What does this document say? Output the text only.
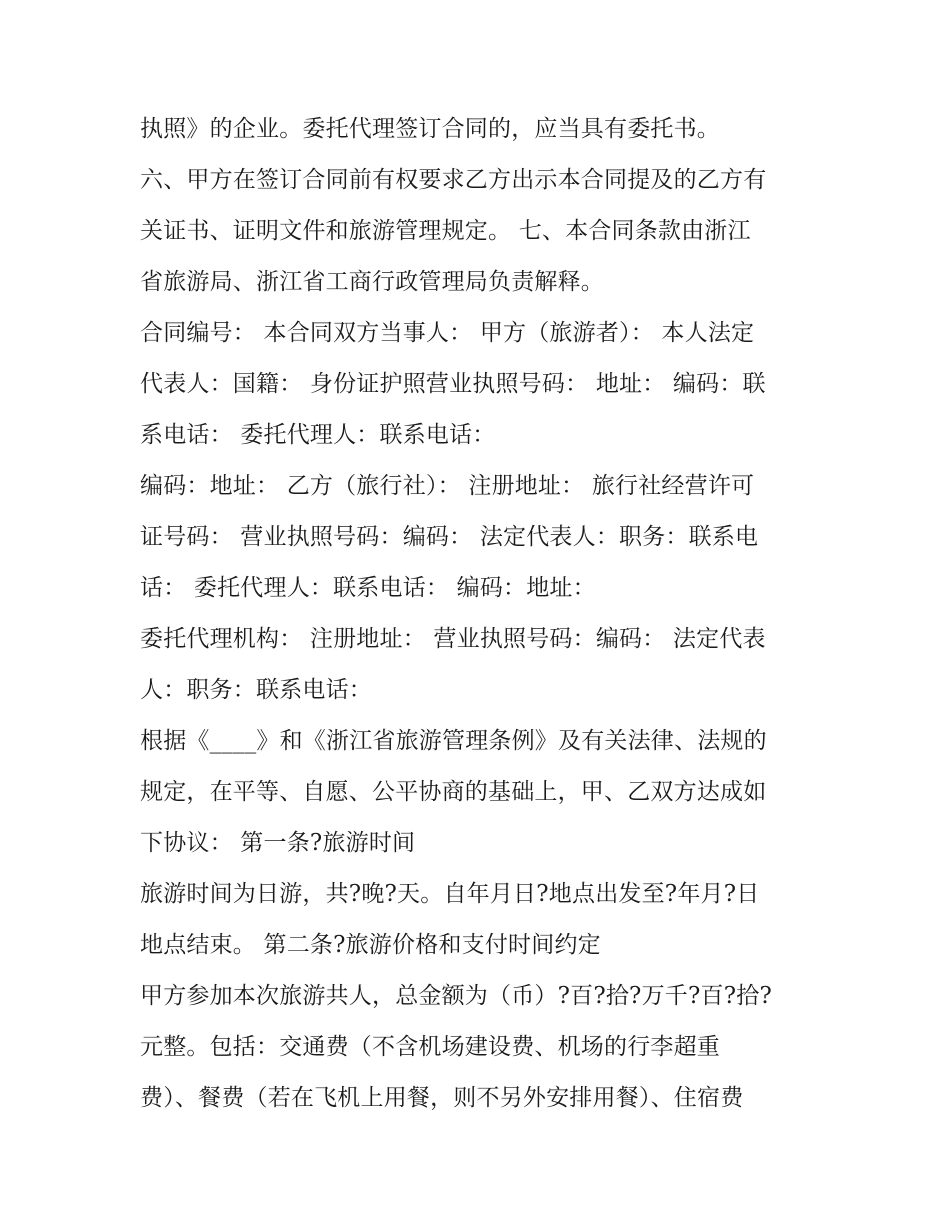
执照》的企业。委托代理签订合同的，应当具有委托书。
六、甲方在签订合同前有权要求乙方出示本合同提及的乙方有
关证书、证明文件和旅游管理规定。 七、本合同条款由浙江
省旅游局、浙江省工商行政管理局负责解释。
合同编号： 本合同双方当事人： 甲方（旅游者）： 本人法定
代表人：国籍： 身份证护照营业执照号码： 地址： 编码：联
系电话： 委托代理人：联系电话：
编码：地址： 乙方（旅行社）： 注册地址： 旅行社经营许可
证号码： 营业执照号码：编码： 法定代表人：职务：联系电
话： 委托代理人：联系电话： 编码：地址：
委托代理机构： 注册地址： 营业执照号码：编码： 法定代表
人：职务：联系电话：
根据《____》和《浙江省旅游管理条例》及有关法律、法规的
规定，在平等、自愿、公平协商的基础上，甲、乙双方达成如
下协议： 第一条?旅游时间
旅游时间为日游，共?晚?天。自年月日?地点出发至?年月?日
地点结束。 第二条?旅游价格和支付时间约定
甲方参加本次旅游共人，总金额为（币）?百?拾?万千?百?拾?
元整。包括：交通费（不含机场建设费、机场的行李超重
费）、餐费（若在飞机上用餐，则不另外安排用餐）、住宿费
